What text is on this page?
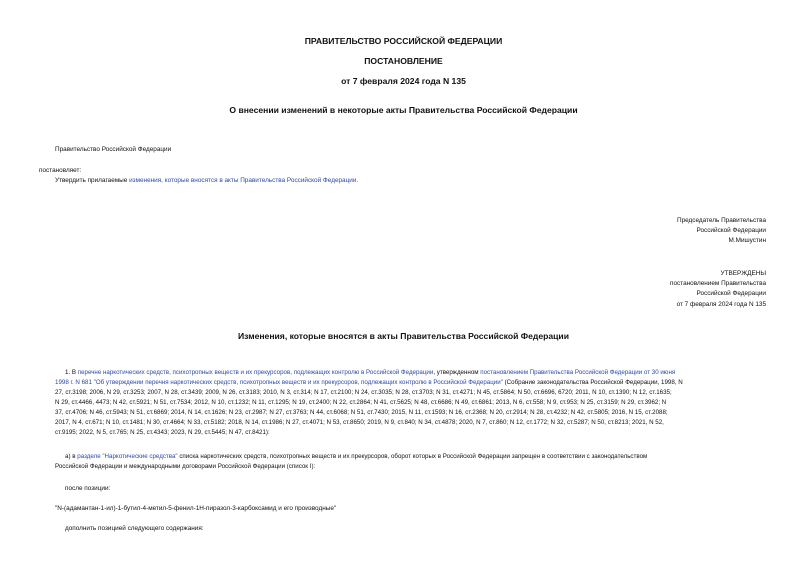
ПРАВИТЕЛЬСТВО РОССИЙСКОЙ ФЕДЕРАЦИИ
ПОСТАНОВЛЕНИЕ
от 7 февраля 2024 года N 135
О внесении изменений в некоторые акты Правительства Российской Федерации
Правительство Российской Федерации
постановляет:
Утвердить прилагаемые изменения, которые вносятся в акты Правительства Российской Федерации.
Председатель Правительства
Российской Федерации
М.Мишустин
УТВЕРЖДЕНЫ
постановлением Правительства
Российской Федерации
от 7 февраля 2024 года N 135
Изменения, которые вносятся в акты Правительства Российской Федерации
1. В перечне наркотических средств, психотропных веществ и их прекурсоров, подлежащих контролю в Российской Федерации, утвержденном постановлением Правительства Российской Федерации от 30 июня
1998 г. N 681 "Об утверждении перечня наркотических средств, психотропных веществ и их прекурсоров, подлежащих контролю в Российской Федерации" (Собрание законодательства Российской Федерации, 1998, N
27, ст.3198; 2006, N 29, ст.3253; 2007, N 28, ст.3439; 2009, N 26, ст.3183; 2010, N 3, ст.314; N 17, ст.2100; N 24, ст.3035; N 28, ст.3703; N 31, ст.4271; N 45, ст.5864; N 50, ст.6696, 6720; 2011, N 10, ст.1390; N 12, ст.1635;
N 29, ст.4466, 4473; N 42, ст.5921; N 51, ст.7534; 2012, N 10, ст.1232; N 11, ст.1295; N 19, ст.2400; N 22, ст.2864; N 41, ст.5625; N 48, ст.6686; N 49, ст.6861; 2013, N 6, ст.558; N 9, ст.953; N 25, ст.3159; N 29, ст.3962; N
37, ст.4706; N 46, ст.5943; N 51, ст.6869; 2014, N 14, ст.1626; N 23, ст.2987; N 27, ст.3763; N 44, ст.6068; N 51, ст.7430; 2015, N 11, ст.1593; N 16, ст.2368; N 20, ст.2914; N 28, ст.4232; N 42, ст.5805; 2016, N 15, ст.2088;
2017, N 4, ст.671; N 10, ст.1481; N 30, ст.4664; N 33, ст.5182; 2018, N 14, ст.1986; N 27, ст.4071; N 53, ст.8650; 2019, N 9, ст.840; N 34, ст.4878; 2020, N 7, ст.860; N 12, ст.1772; N 32, ст.5287; N 50, ст.8213; 2021, N 52,
ст.9195; 2022, N 5, ст.765; N 25, ст.4343; 2023, N 29, ст.5445; N 47, ст.8421):
а) в разделе "Наркотические средства" списка наркотических средств, психотропных веществ и их прекурсоров, оборот которых в Российской Федерации запрещен в соответствии с законодательством
Российской Федерации и международными договорами Российской Федерации (список I):
после позиции:
"N-(адамантан-1-ил)-1-бутил-4-метил-5-фенил-1Н-пиразол-3-карбоксамид и его производные"
дополнить позицией следующего содержания:
